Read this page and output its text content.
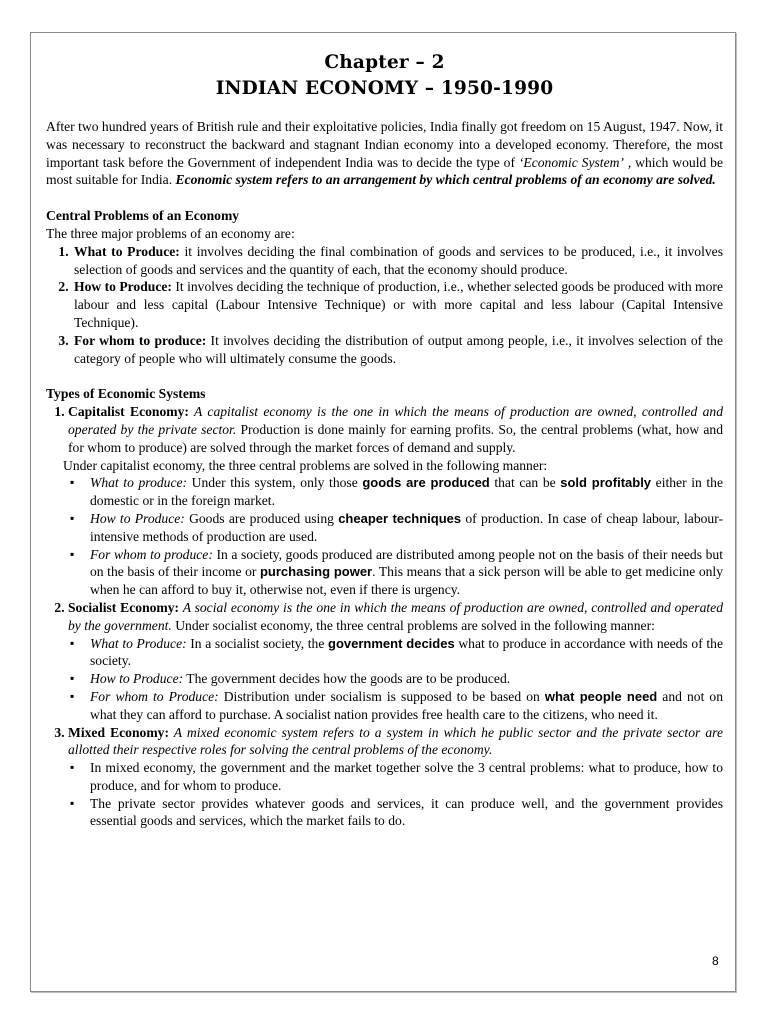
Chapter – 2
INDIAN ECONOMY – 1950-1990

After two hundred years of British rule and their exploitative policies, India finally got freedom on 15 August, 1947. Now, it was necessary to reconstruct the backward and stagnant Indian economy into a developed economy. Therefore, the most important task before the Government of independent India was to decide the type of ‘Economic System’ , which would be most suitable for India. Economic system refers to an arrangement by which central problems of an economy are solved.

Central Problems of an Economy

The three major problems of an economy are:

1. What to Produce: it involves deciding the final combination of goods and services to be produced, i.e., it involves selection of goods and services and the quantity of each, that the economy should produce.
2. How to Produce: It involves deciding the technique of production, i.e., whether selected goods be produced with more labour and less capital (Labour Intensive Technique) or with more capital and less labour (Capital Intensive Technique).
3. For whom to produce: It involves deciding the distribution of output among people, i.e., it involves selection of the category of people who will ultimately consume the goods.
Types of Economic Systems
1. Capitalist Economy: A capitalist economy is the one in which the means of production are owned, controlled and operated by the private sector. Production is done mainly for earning profits. So, the central problems (what, how and for whom to produce) are solved through the market forces of demand and supply.
Under capitalist economy, the three central problems are solved in the following manner:
▪ What to produce: Under this system, only those goods are produced that can be sold profitably either in the domestic or in the foreign market.
▪ How to Produce: Goods are produced using cheaper techniques of production. In case of cheap labour, labour- intensive methods of production are used.
▪ For whom to produce: In a society, goods produced are distributed among people not on the basis of their needs but on the basis of their income or purchasing power. This means that a sick person will be able to get medicine only when he can afford to buy it, otherwise not, even if there is urgency.
2. Socialist Economy: A social economy is the one in which the means of production are owned, controlled and operated by the government. Under socialist economy, the three central problems are solved in the following manner:
▪ What to Produce: In a socialist society, the government decides what to produce in accordance with needs of the society.
▪ How to Produce: The government decides how the goods are to be produced.
▪ For whom to Produce: Distribution under socialism is supposed to be based on what people need and not on what they can afford to purchase. A socialist nation provides free health care to the citizens, who need it.
3. Mixed Economy: A mixed economic system refers to a system in which he public sector and the private sector are allotted their respective roles for solving the central problems of the economy.
▪ In mixed economy, the government and the market together solve the 3 central problems: what to produce, how to produce, and for whom to produce.
▪ The private sector provides whatever goods and services, it can produce well, and the government provides essential goods and services, which the market fails to do.
8
